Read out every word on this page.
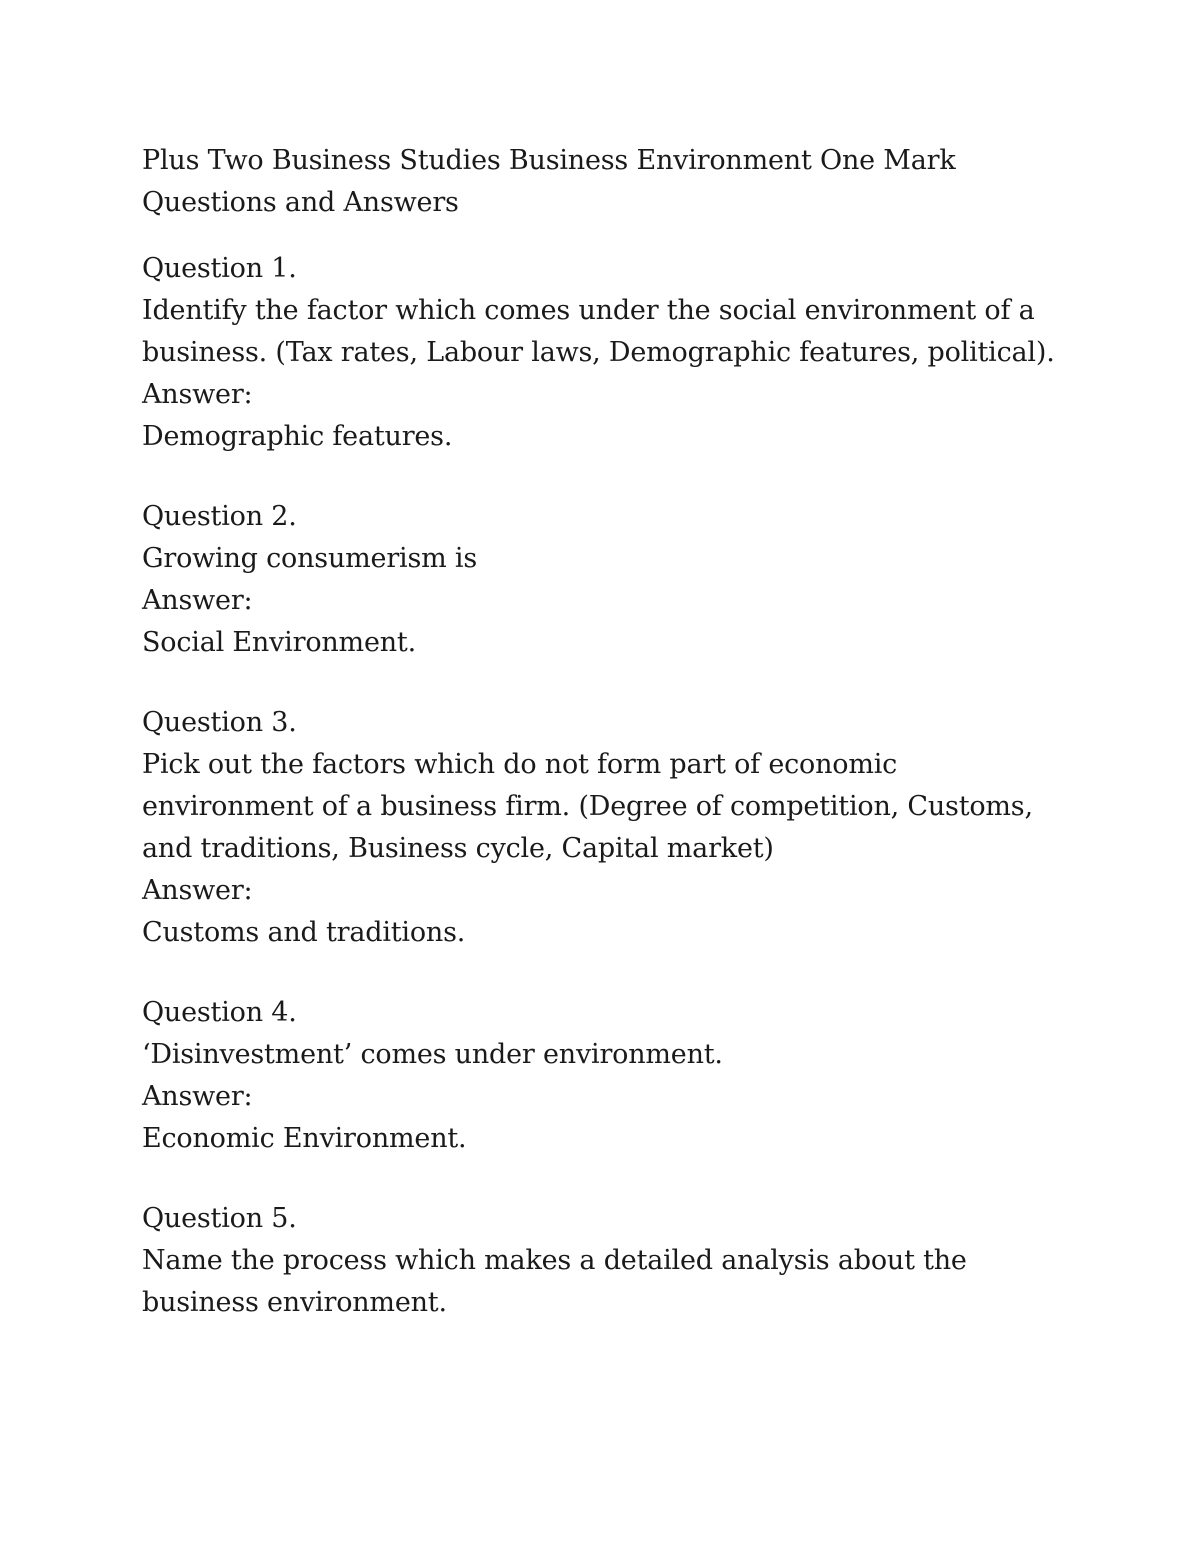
Plus Two Business Studies Business Environment One Mark
Questions and Answers
Question 1.
Identify the factor which comes under the social environment of a
business. (Tax rates, Labour laws, Demographic features, political).
Answer:
Demographic features.
Question 2.
Growing consumerism is
Answer:
Social Environment.
Question 3.
Pick out the factors which do not form part of economic
environment of a business firm. (Degree of competition, Customs,
and traditions, Business cycle, Capital market)
Answer:
Customs and traditions.
Question 4.
‘Disinvestment’ comes under environment.
Answer:
Economic Environment.
Question 5.
Name the process which makes a detailed analysis about the
business environment.
